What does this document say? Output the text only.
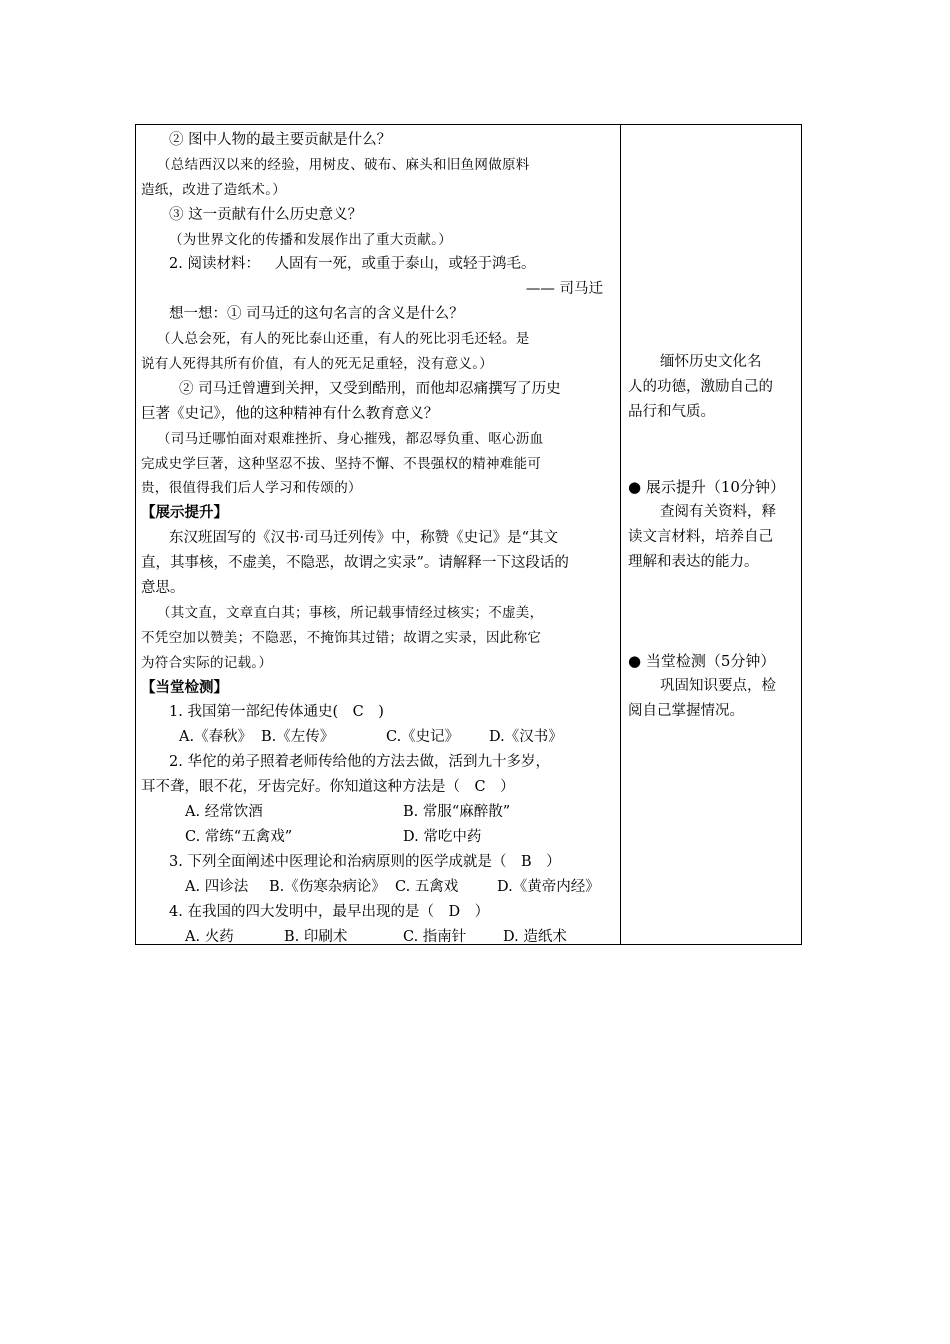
② 图中人物的最主要贡献是什么？
（总结西汉以来的经验，用树皮、破布、麻头和旧鱼网做原料
造纸，改进了造纸术。）
③ 这一贡献有什么历史意义？
（为世界文化的传播和发展作出了重大贡献。）
2. 阅读材料： 人固有一死，或重于泰山，或轻于鸿毛。
—— 司马迁
想一想：① 司马迁的这句名言的含义是什么？
（人总会死，有人的死比泰山还重，有人的死比羽毛还轻。是
说有人死得其所有价值，有人的死无足重轻，没有意义。）
② 司马迁曾遭到关押，又受到酷刑，而他却忍痛撰写了历史
巨著《史记》，他的这种精神有什么教育意义？
（司马迁哪怕面对艰难挫折、身心摧残，都忍辱负重、呕心沥血
完成史学巨著，这种坚忍不拔、坚持不懈、不畏强权的精神难能可
贵，很值得我们后人学习和传颂的）
【展示提升】
东汉班固写的《汉书·司马迁列传》中，称赞《史记》是“其文
直，其事核，不虚美，不隐恶，故谓之实录”。请解释一下这段话的
意思。
（其文直，文章直白其；事核，所记载事情经过核实；不虚美，
不凭空加以赞美；不隐恶，不掩饰其过错；故谓之实录，因此称它
为符合实际的记载。）
【当堂检测】
1. 我国第一部纪传体通史(　C　)
A.《春秋》 B.《左传》	C.《史记》 D.《汉书》
2. 华佗的弟子照着老师传给他的方法去做，活到九十多岁，
耳不聋，眼不花，牙齿完好。你知道这种方法是（　C　）
A. 经常饮酒	B. 常服“麻醉散”
C. 常练“五禽戏”	D. 常吃中药
3. 下列全面阐述中医理论和治病原则的医学成就是（　B　）
A. 四诊法 B.《伤寒杂病论》 C. 五禽戏	D.《黄帝内经》
4. 在我国的四大发明中，最早出现的是（　D　）
A. 火药	B. 印刷术	C. 指南针	D. 造纸术
缅怀历史文化名
人的功德，激励自己的
品行和气质。
● 展示提升（10分钟）
查阅有关资料，释
读文言材料，培养自己
理解和表达的能力。
● 当堂检测（5分钟）
巩固知识要点，检
阅自己掌握情况。
